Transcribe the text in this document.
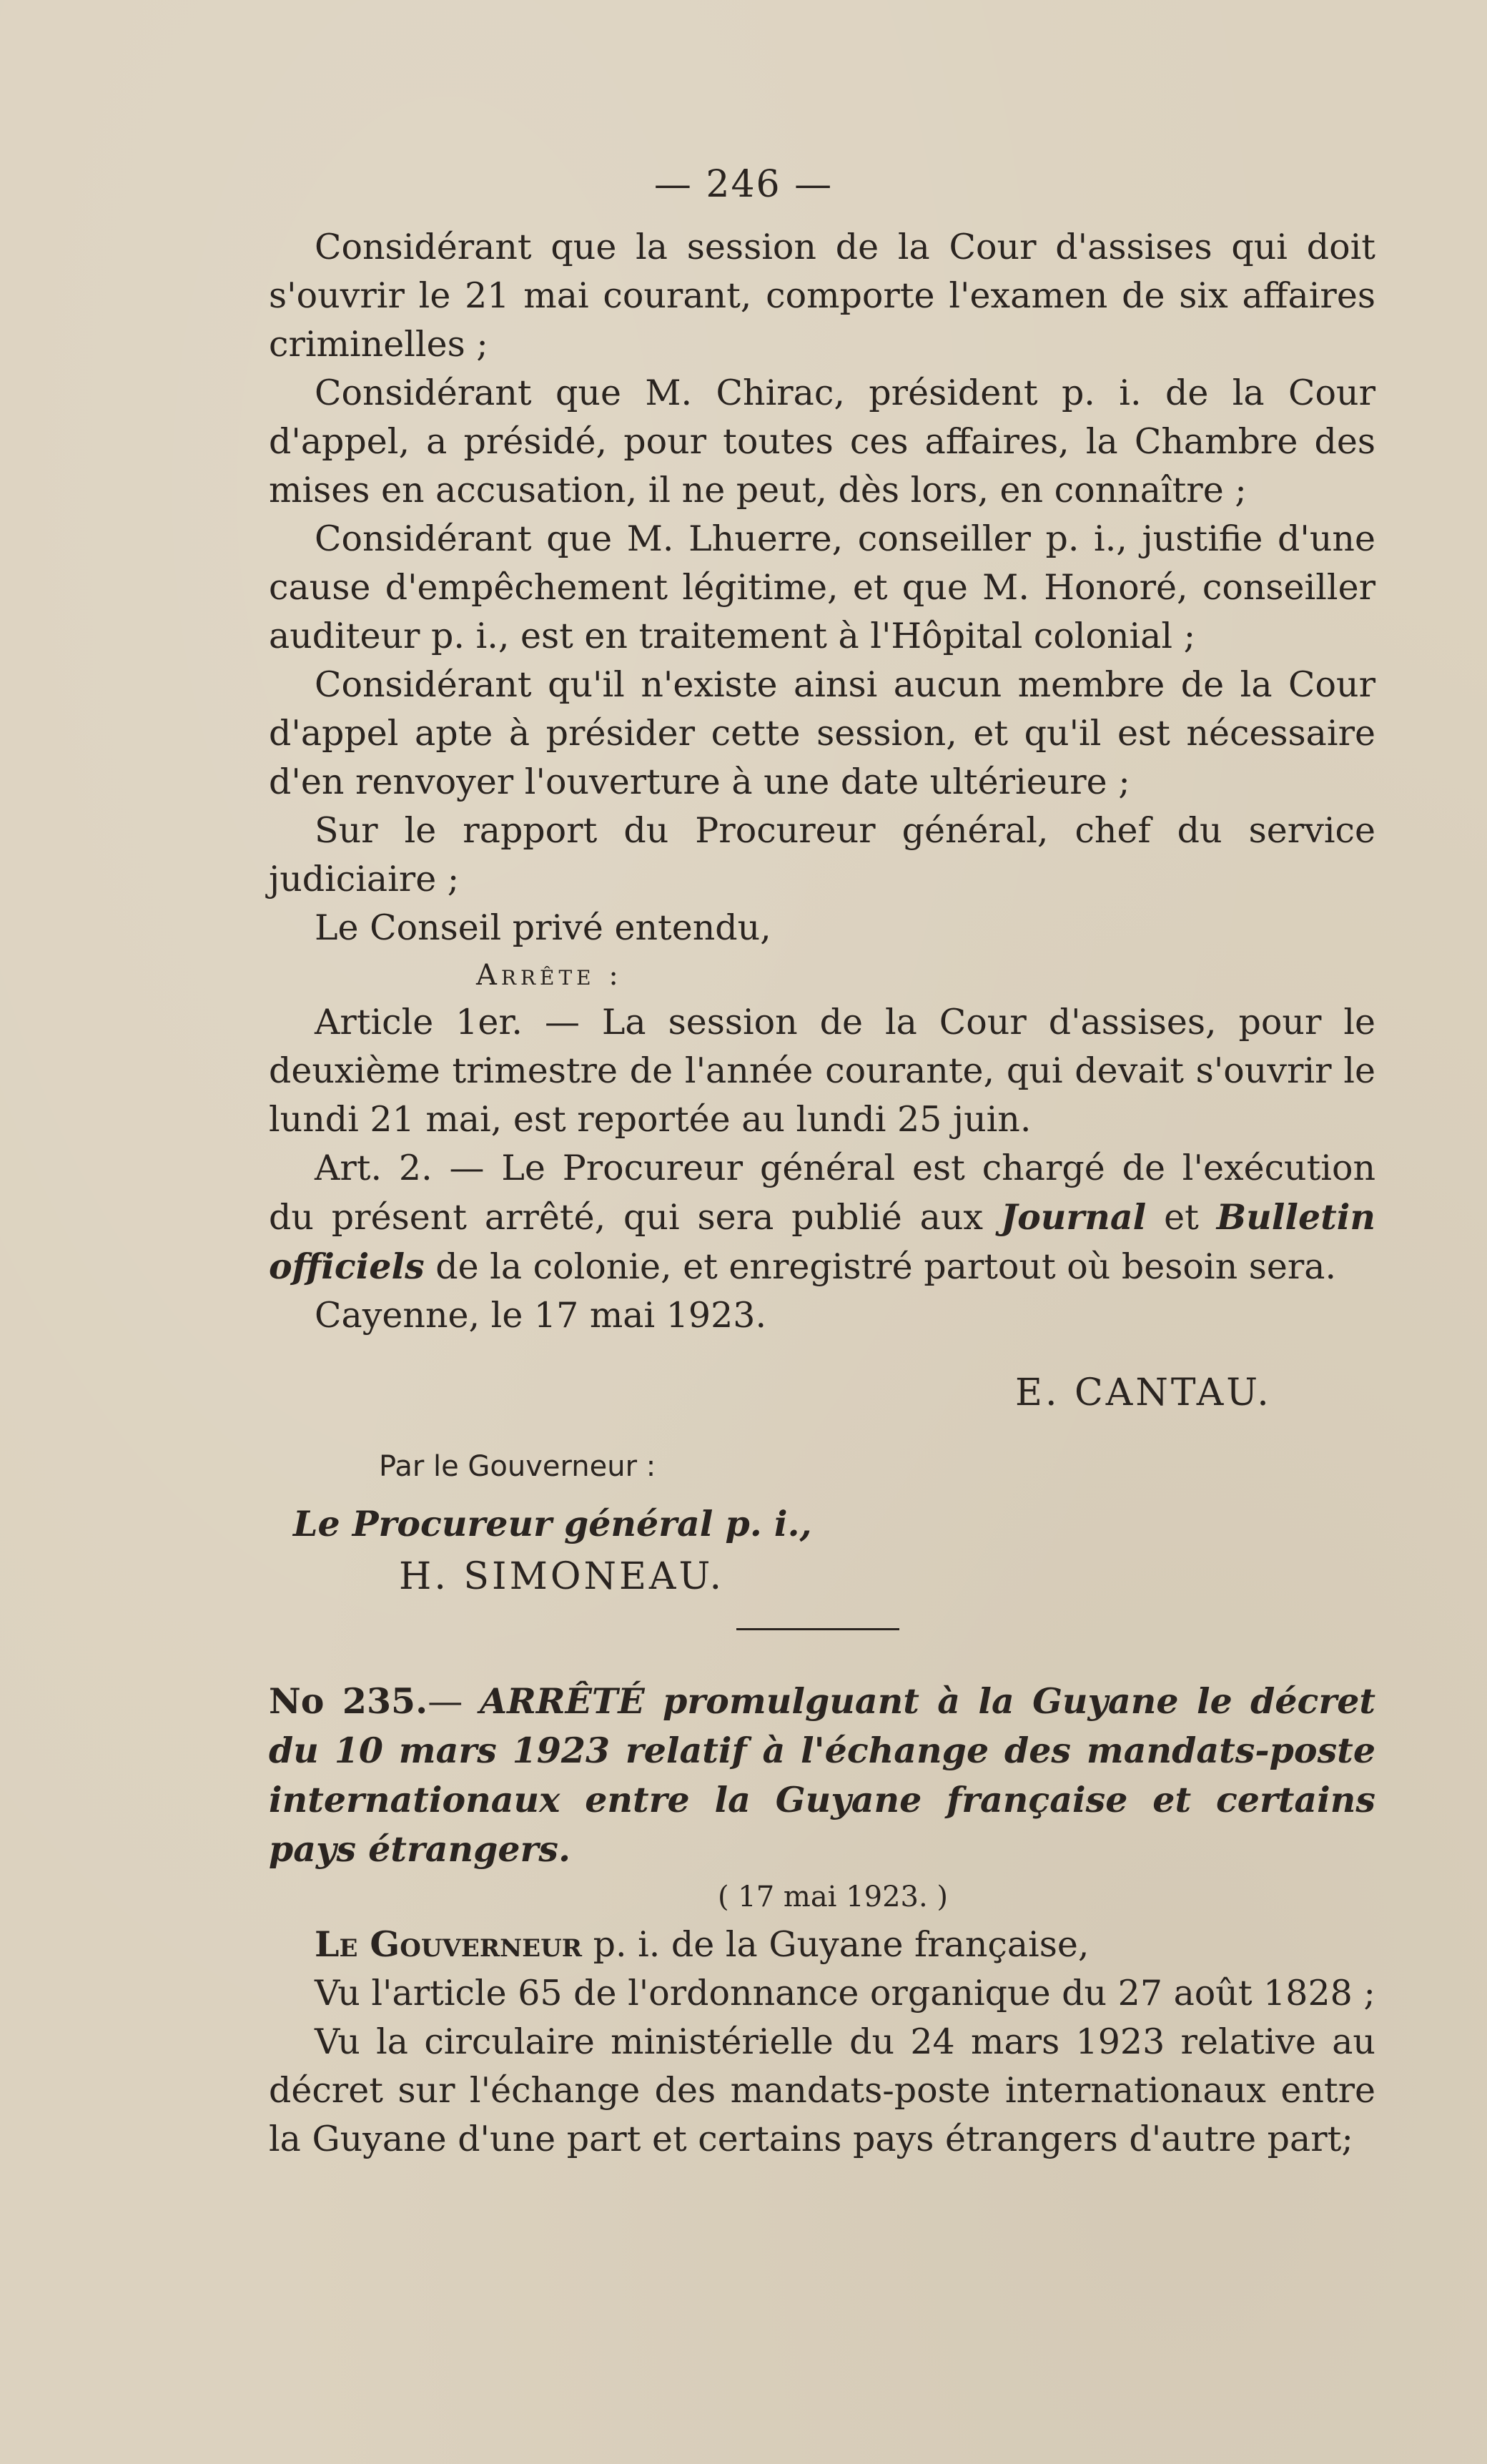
— 246 —

Considérant que la session de la Cour d'assises qui doit s'ouvrir le 21 mai courant, comporte l'examen de six affaires criminelles ;

Considérant que M. Chirac, président p. i. de la Cour d'appel, a présidé, pour toutes ces affaires, la Chambre des mises en accusation, il ne peut, dès lors, en connaître ;

Considérant que M. Lhuerre, conseiller p. i., justifie d'une cause d'empêchement légitime, et que M. Honoré, conseiller auditeur p. i., est en traitement à l'Hôpital colonial ;

Considérant qu'il n'existe ainsi aucun membre de la Cour d'appel apte à présider cette session, et qu'il est nécessaire d'en renvoyer l'ouverture à une date ultérieure ;

Sur le rapport du Procureur général, chef du service judiciaire ;

Le Conseil privé entendu,

Arrête :

Article 1er. — La session de la Cour d'assises, pour le deuxième trimestre de l'année courante, qui devait s'ouvrir le lundi 21 mai, est reportée au lundi 25 juin.

Art. 2. — Le Procureur général est chargé de l'exécution du présent arrêté, qui sera publié aux Journal et Bulletin officiels de la colonie, et enregistré partout où besoin sera.

Cayenne, le 17 mai 1923.

E. CANTAU.
Par le Gouverneur :
Le Procureur général p. i.,
H. SIMONEAU.

No 235.— ARRÊTÉ promulguant à la Guyane le décret du 10 mars 1923 relatif à l'échange des mandats-poste internationaux entre la Guyane française et certains pays étrangers.

( 17 mai 1923. )

Le Gouverneur p. i. de la Guyane française,

Vu l'article 65 de l'ordonnance organique du 27 août 1828 ;

Vu la circulaire ministérielle du 24 mars 1923 relative au décret sur l'échange des mandats-poste internationaux entre la Guyane d'une part et certains pays étrangers d'autre part;
